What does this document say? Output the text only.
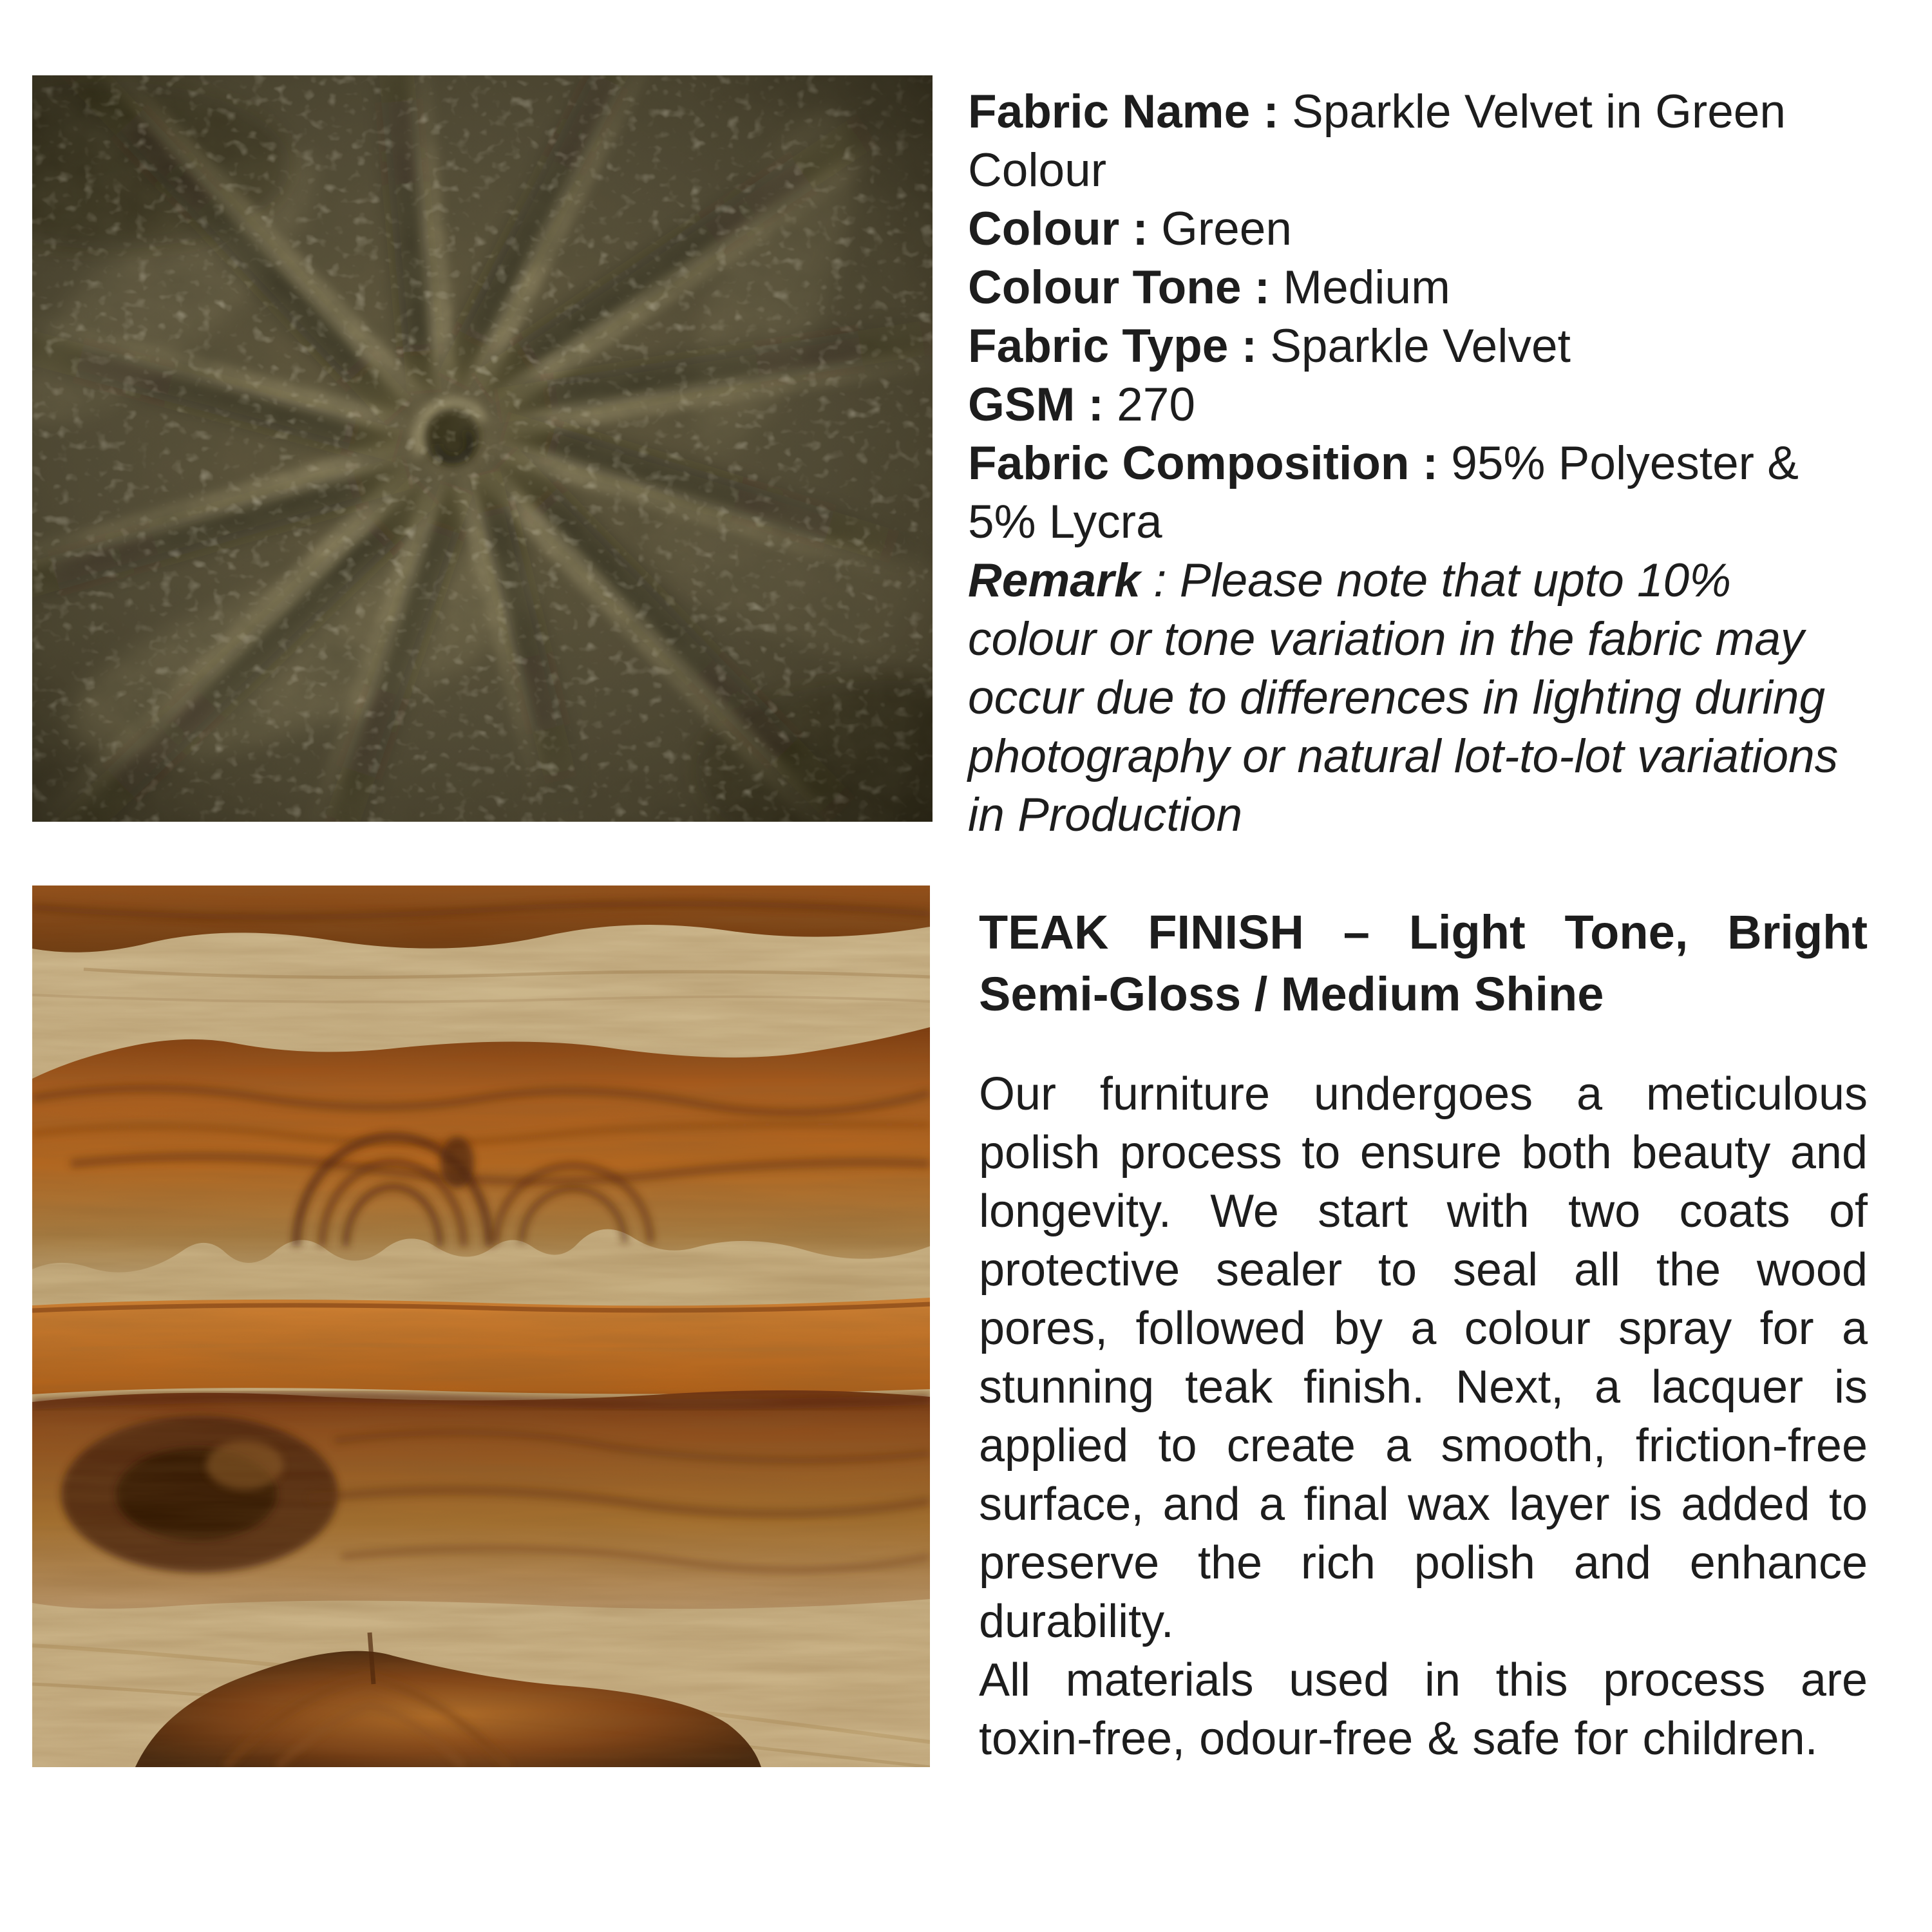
Fabric Name : Sparkle Velvet in Green Colour
Colour : Green
Colour Tone : Medium
Fabric Type : Sparkle Velvet
GSM : 270
Fabric Composition : 95% Polyester & 5% Lycra
Remark : Please note that upto 10% colour or tone variation in the fabric may occur due to differences in lighting during photography or natural lot-to-lot variations in Production
TEAK FINISH – Light Tone, Bright Semi-Gloss / Medium Shine

Our furniture undergoes a meticulous polish process to ensure both beauty and longevity. We start with two coats of protective sealer to seal all the wood pores, followed by a colour spray for a stunning teak finish. Next, a lacquer is applied to create a smooth, friction-free surface, and a final wax layer is added to preserve the rich polish and enhance durability.

All materials used in this process are toxin-free, odour-free & safe for children.
